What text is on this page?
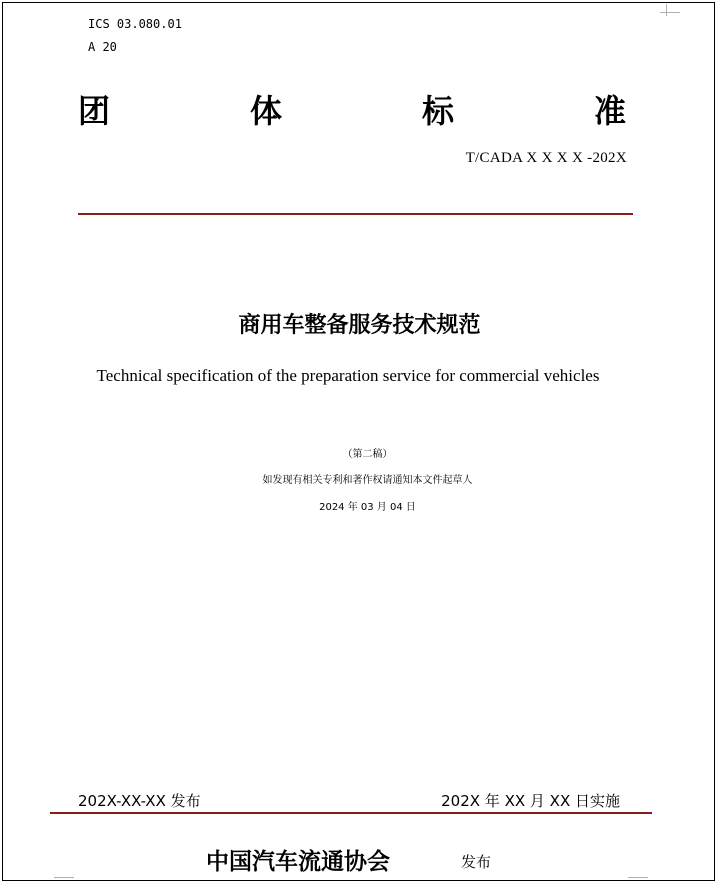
ICS 03.080.01
A 20
团	体	标	准
T/CADA X X X X -202X
商用车整备服务技术规范
Technical specification of the preparation service for commercial vehicles
（第二稿）
如发现有相关专利和著作权请通知本文件起草人
2024 年 03 月 04 日
202X-XX-XX 发布	202X 年 XX 月 XX 日实施
中国汽车流通协会	发布
